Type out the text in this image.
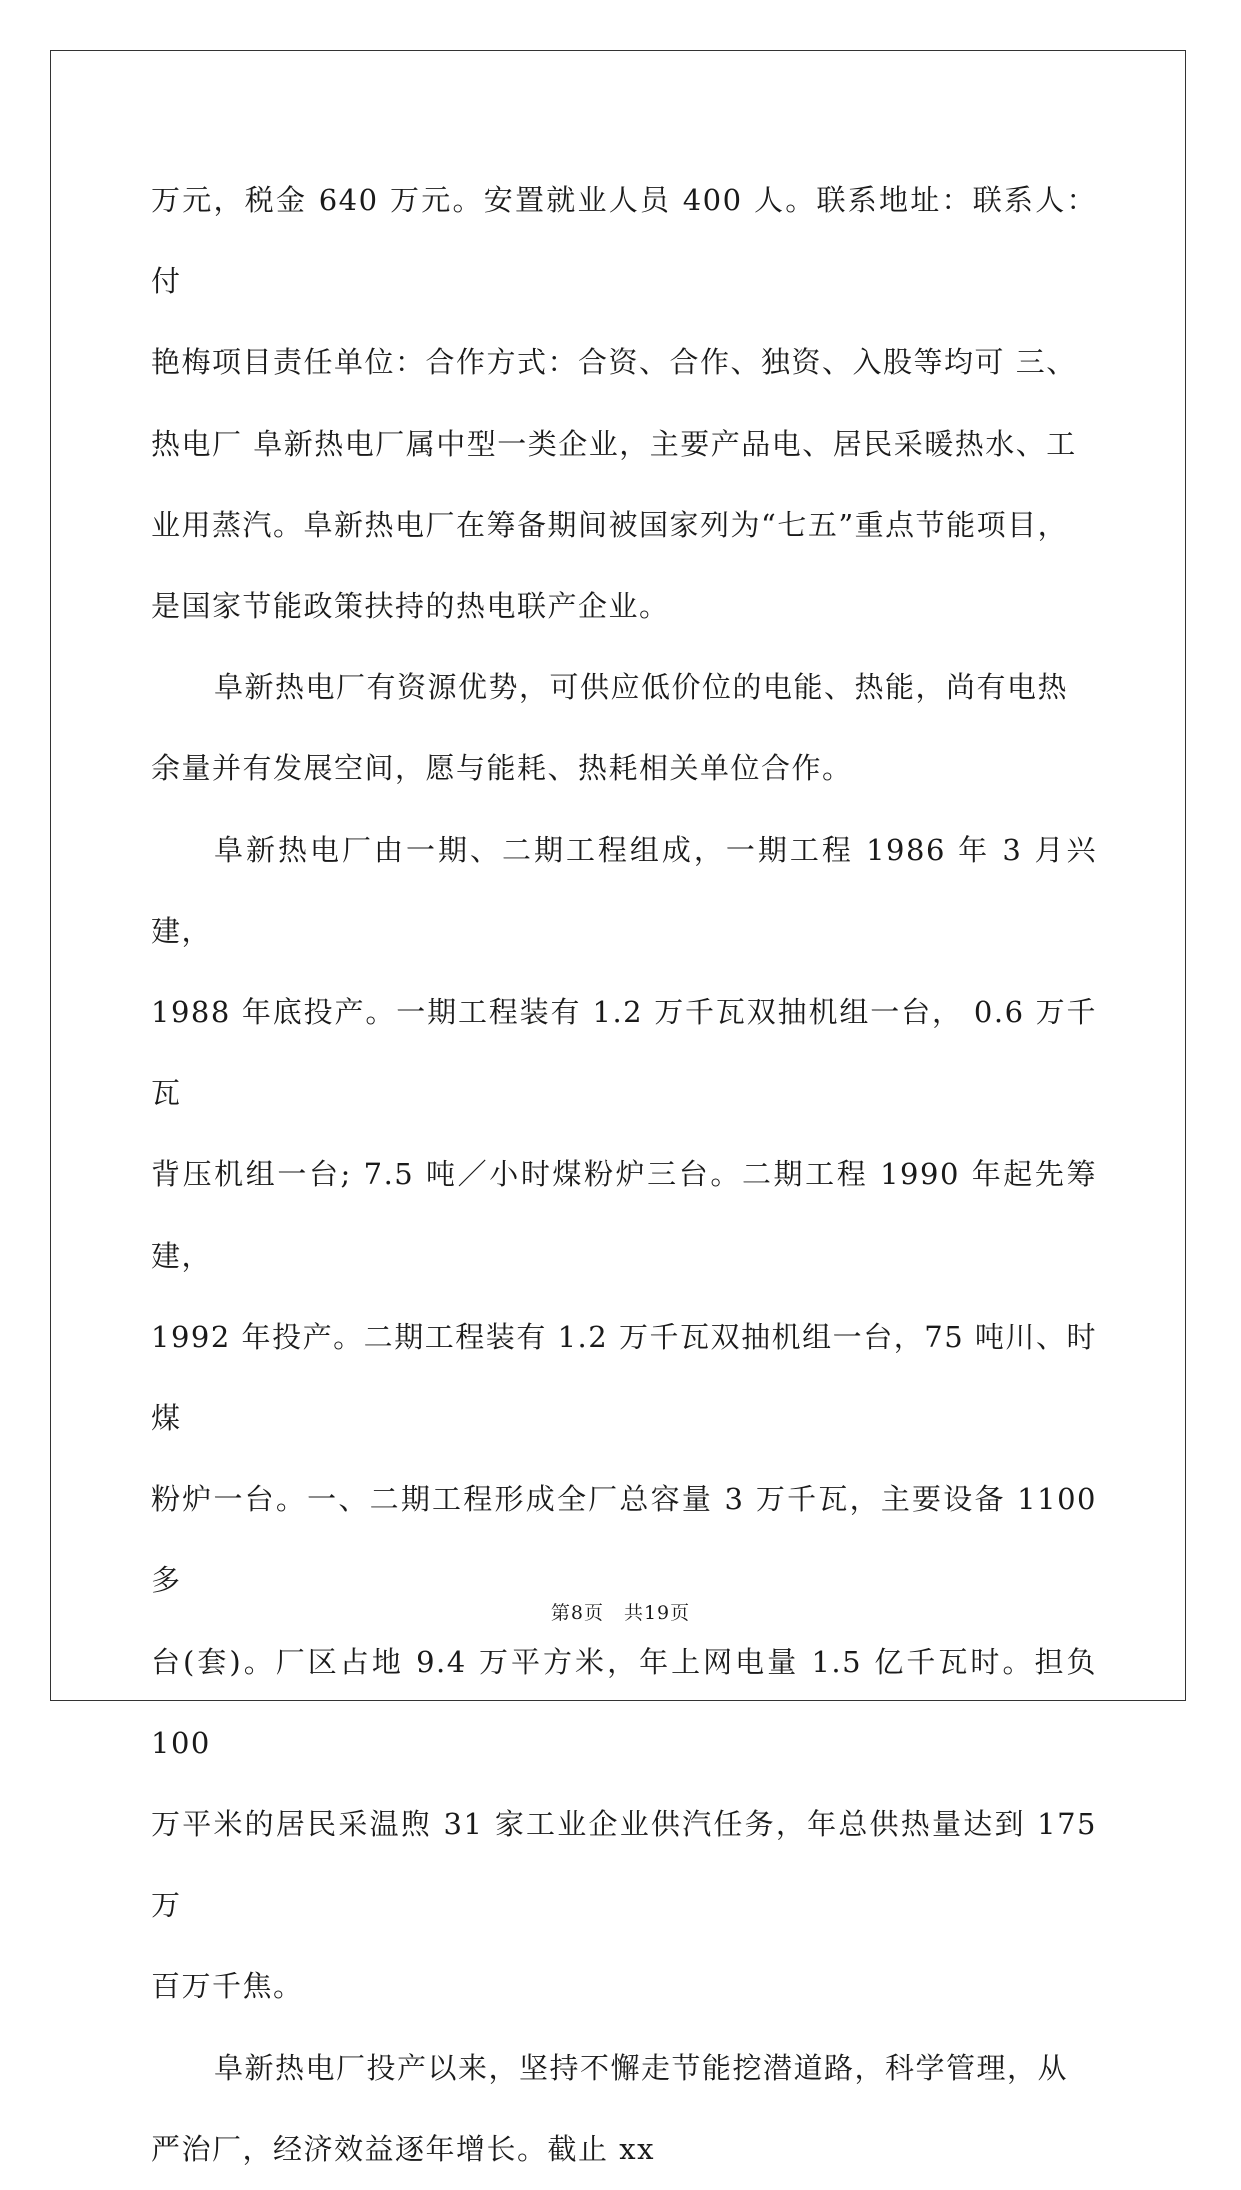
万元，税金 640 万元。安置就业人员 400 人。联系地址：联系人：付
艳梅项目责任单位：合作方式：合资、合作、独资、入股等均可 三、
热电厂 阜新热电厂属中型一类企业，主要产品电、居民采暖热水、工
业用蒸汽。阜新热电厂在筹备期间被国家列为“七五”重点节能项目，
是国家节能政策扶持的热电联产企业。

阜新热电厂有资源优势，可供应低价位的电能、热能，尚有电热
余量并有发展空间，愿与能耗、热耗相关单位合作。

阜新热电厂由一期、二期工程组成，一期工程 1986 年 3 月兴建，
1988 年底投产。一期工程装有 1.2 万千瓦双抽机组一台， 0.6 万千瓦
背压机组一台; 7.5 吨／小时煤粉炉三台。二期工程 1990 年起先筹建，
1992 年投产。二期工程装有 1.2 万千瓦双抽机组一台，75 吨川、时煤
粉炉一台。一、二期工程形成全厂总容量 3 万千瓦，主要设备 1100 多
台(套)。厂区占地 9.4 万平方米，年上网电量 1.5 亿千瓦时。担负 100
万平米的居民采温煦 31 家工业企业供汽任务，年总供热量达到 175 万
百万千焦。

阜新热电厂投产以来，坚持不懈走节能挖潜道路，科学管理，从
严治厂，经济效益逐年增长。截止 xx

第8页 共19页
